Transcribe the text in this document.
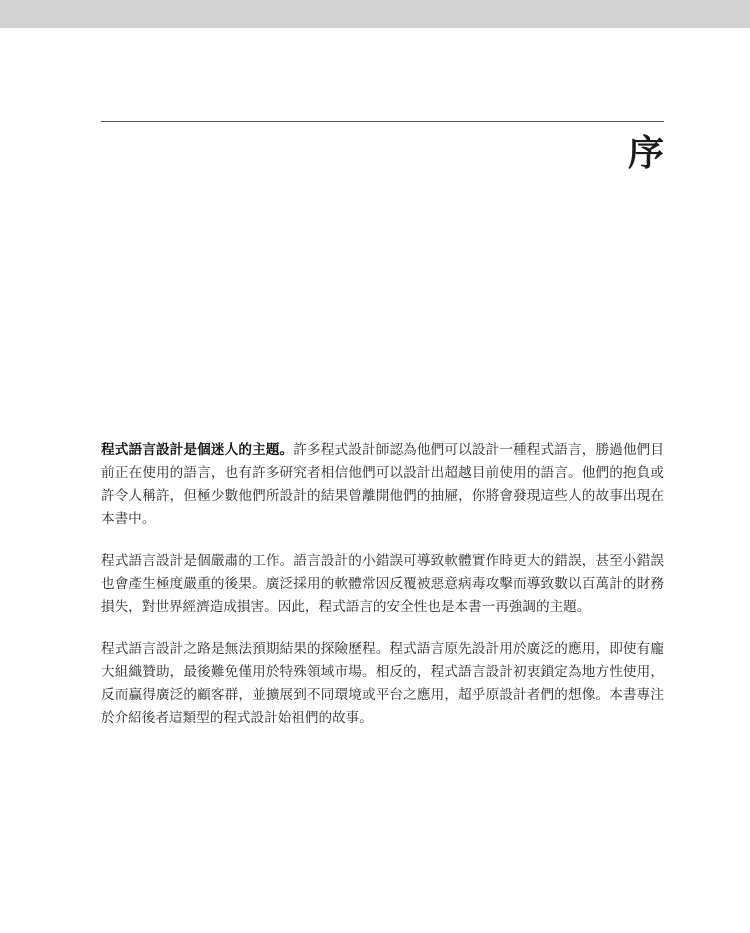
序

程式語言設計是個迷人的主題。許多程式設計師認為他們可以設計一種程式語言，勝過他們目前正在使用的語言，也有許多研究者相信他們可以設計出超越目前使用的語言。他們的抱負或許令人稱許，但極少數他們所設計的結果曾離開他們的抽屜，你將會發現這些人的故事出現在本書中。

程式語言設計是個嚴肅的工作。語言設計的小錯誤可導致軟體實作時更大的錯誤，甚至小錯誤也會產生極度嚴重的後果。廣泛採用的軟體常因反覆被惡意病毒攻擊而導致數以百萬計的財務損失，對世界經濟造成損害。因此，程式語言的安全性也是本書一再強調的主題。

程式語言設計之路是無法預期結果的探險歷程。程式語言原先設計用於廣泛的應用，即使有龐大組織贊助，最後難免僅用於特殊領域市場。相反的，程式語言設計初衷鎖定為地方性使用，反而贏得廣泛的顧客群，並擴展到不同環境或平台之應用，超乎原設計者們的想像。本書專注於介紹後者這類型的程式設計始祖們的故事。
